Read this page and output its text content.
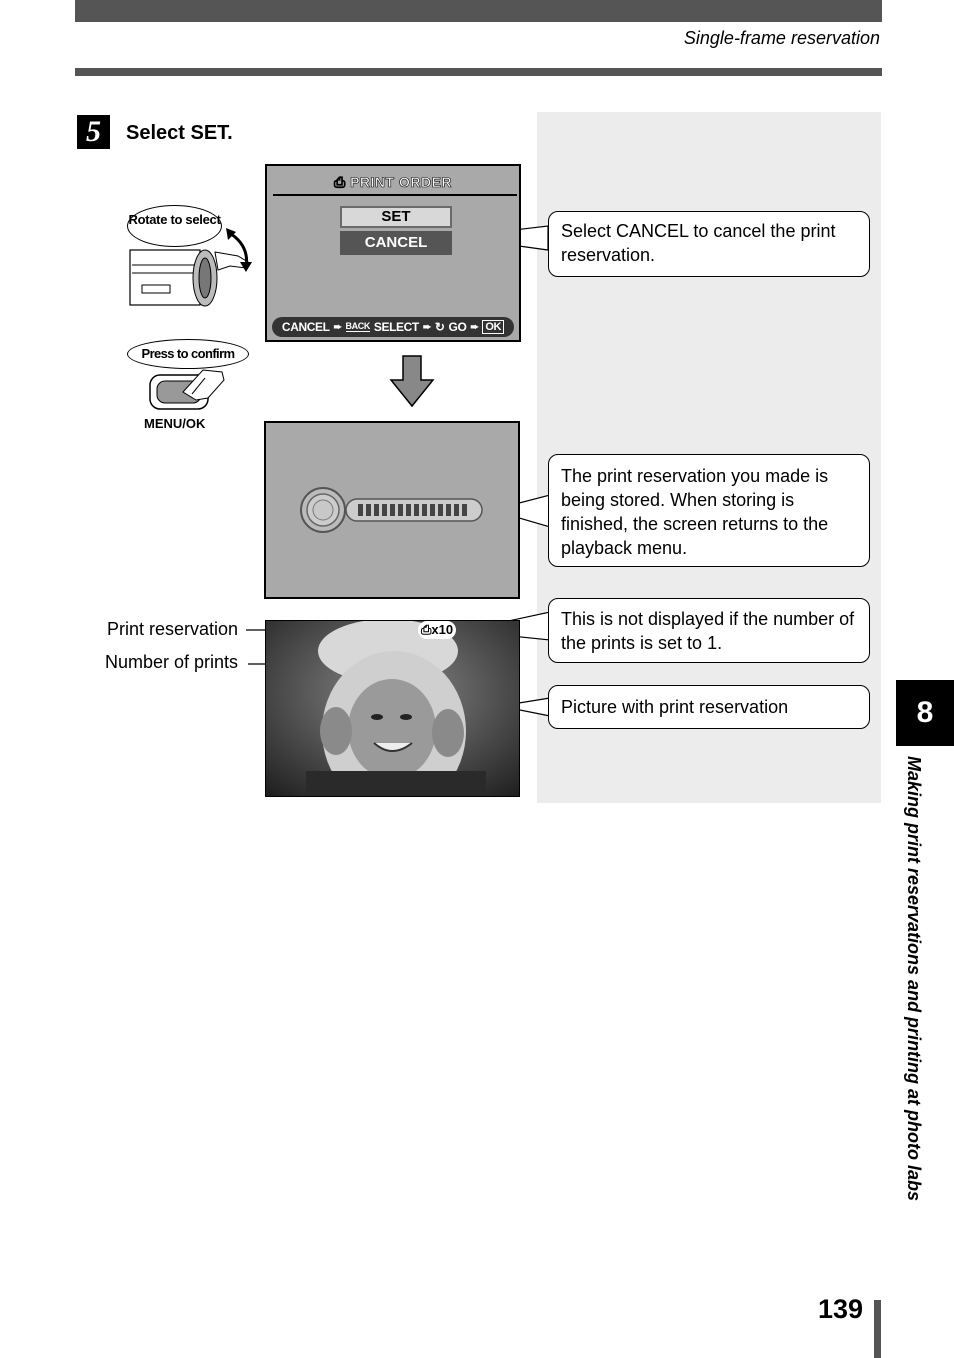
Single-frame reservation
5	Select SET.
Rotate to select
Press to confirm
MENU/OK
⎙ PRINT ORDER
SET
CANCEL
CANCEL ➨ BACK SELECT ➨ ↻ GO ➨ OK
⎙x10
Print reservation
Number of prints
Select CANCEL to cancel the print reservation.
The print reservation you made is being stored. When storing is finished, the screen returns to the playback menu.
This is not displayed if the number of the prints is set to 1.
Picture with print reservation	8
Making print reservations and printing at photo labs
139
